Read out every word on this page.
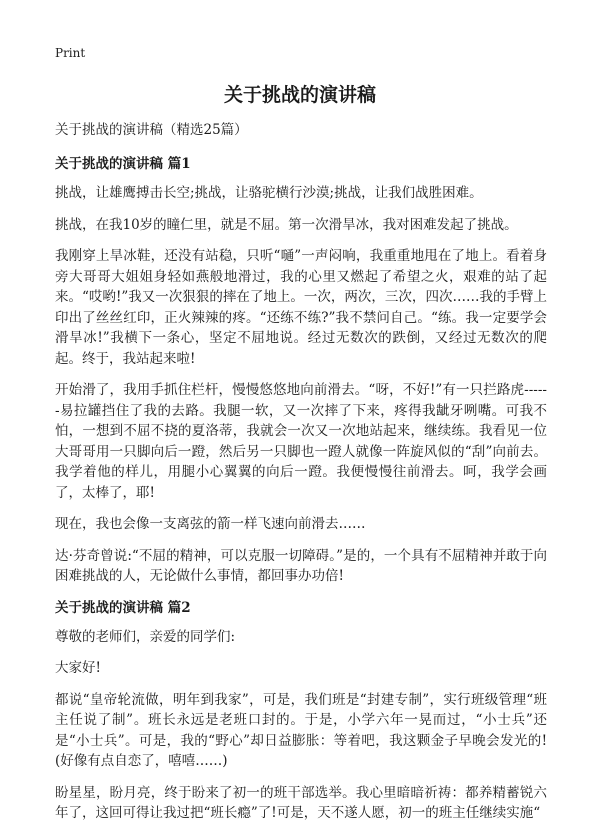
Print
关于挑战的演讲稿
关于挑战的演讲稿（精选25篇）
关于挑战的演讲稿 篇1

挑战，让雄鹰搏击长空;挑战，让骆驼横行沙漠;挑战，让我们战胜困难。

挑战，在我10岁的瞳仁里，就是不屈。第一次滑旱冰，我对困难发起了挑战。

我刚穿上旱冰鞋，还没有站稳，只听“嗵”一声闷响，我重重地甩在了地上。看着身旁大哥哥大姐姐身轻如燕般地滑过，我的心里又燃起了希望之火，艰难的站了起来。“哎哟!”我又一次狠狠的摔在了地上。一次，两次，三次，四次……我的手臂上印出了丝丝红印，正火辣辣的疼。“还练不练?”我不禁问自己。“练。我一定要学会滑旱冰!”我横下一条心，坚定不屈地说。经过无数次的跌倒，又经过无数次的爬起。终于，我站起来啦!

开始滑了，我用手抓住栏杆，慢慢悠悠地向前滑去。“呀，不好!”有一只拦路虎------易拉罐挡住了我的去路。我腿一软，又一次摔了下来，疼得我龇牙咧嘴。可我不怕，一想到不屈不挠的夏洛蒂，我就会一次又一次地站起来，继续练。我看见一位大哥哥用一只脚向后一蹬，然后另一只脚也一蹬人就像一阵旋风似的“刮”向前去。我学着他的样儿，用腿小心翼翼的向后一蹬。我便慢慢往前滑去。呵，我学会画了，太棒了，耶!

现在，我也会像一支离弦的箭一样飞速向前滑去……

达·芬奇曾说:“不屈的精神，可以克服一切障碍。”是的，一个具有不屈精神并敢于向困难挑战的人，无论做什么事情，都回事办功倍!

关于挑战的演讲稿 篇2

尊敬的老师们，亲爱的同学们:

大家好!

都说“皇帝轮流做，明年到我家”，可是，我们班是“封建专制”，实行班级管理“班主任说了制”。班长永远是老班口封的。于是，小学六年一晃而过，“小士兵”还是“小士兵”。可是，我的“野心”却日益膨胀：等着吧，我这颗金子早晚会发光的!(好像有点自恋了，嘻嘻……)

盼星星，盼月亮，终于盼来了初一的班干部选举。我心里暗暗祈祷：都养精蓄锐六年了，这回可得让我过把“班长瘾”了!可是，天不遂人愿，初一的班主任继续实施“
